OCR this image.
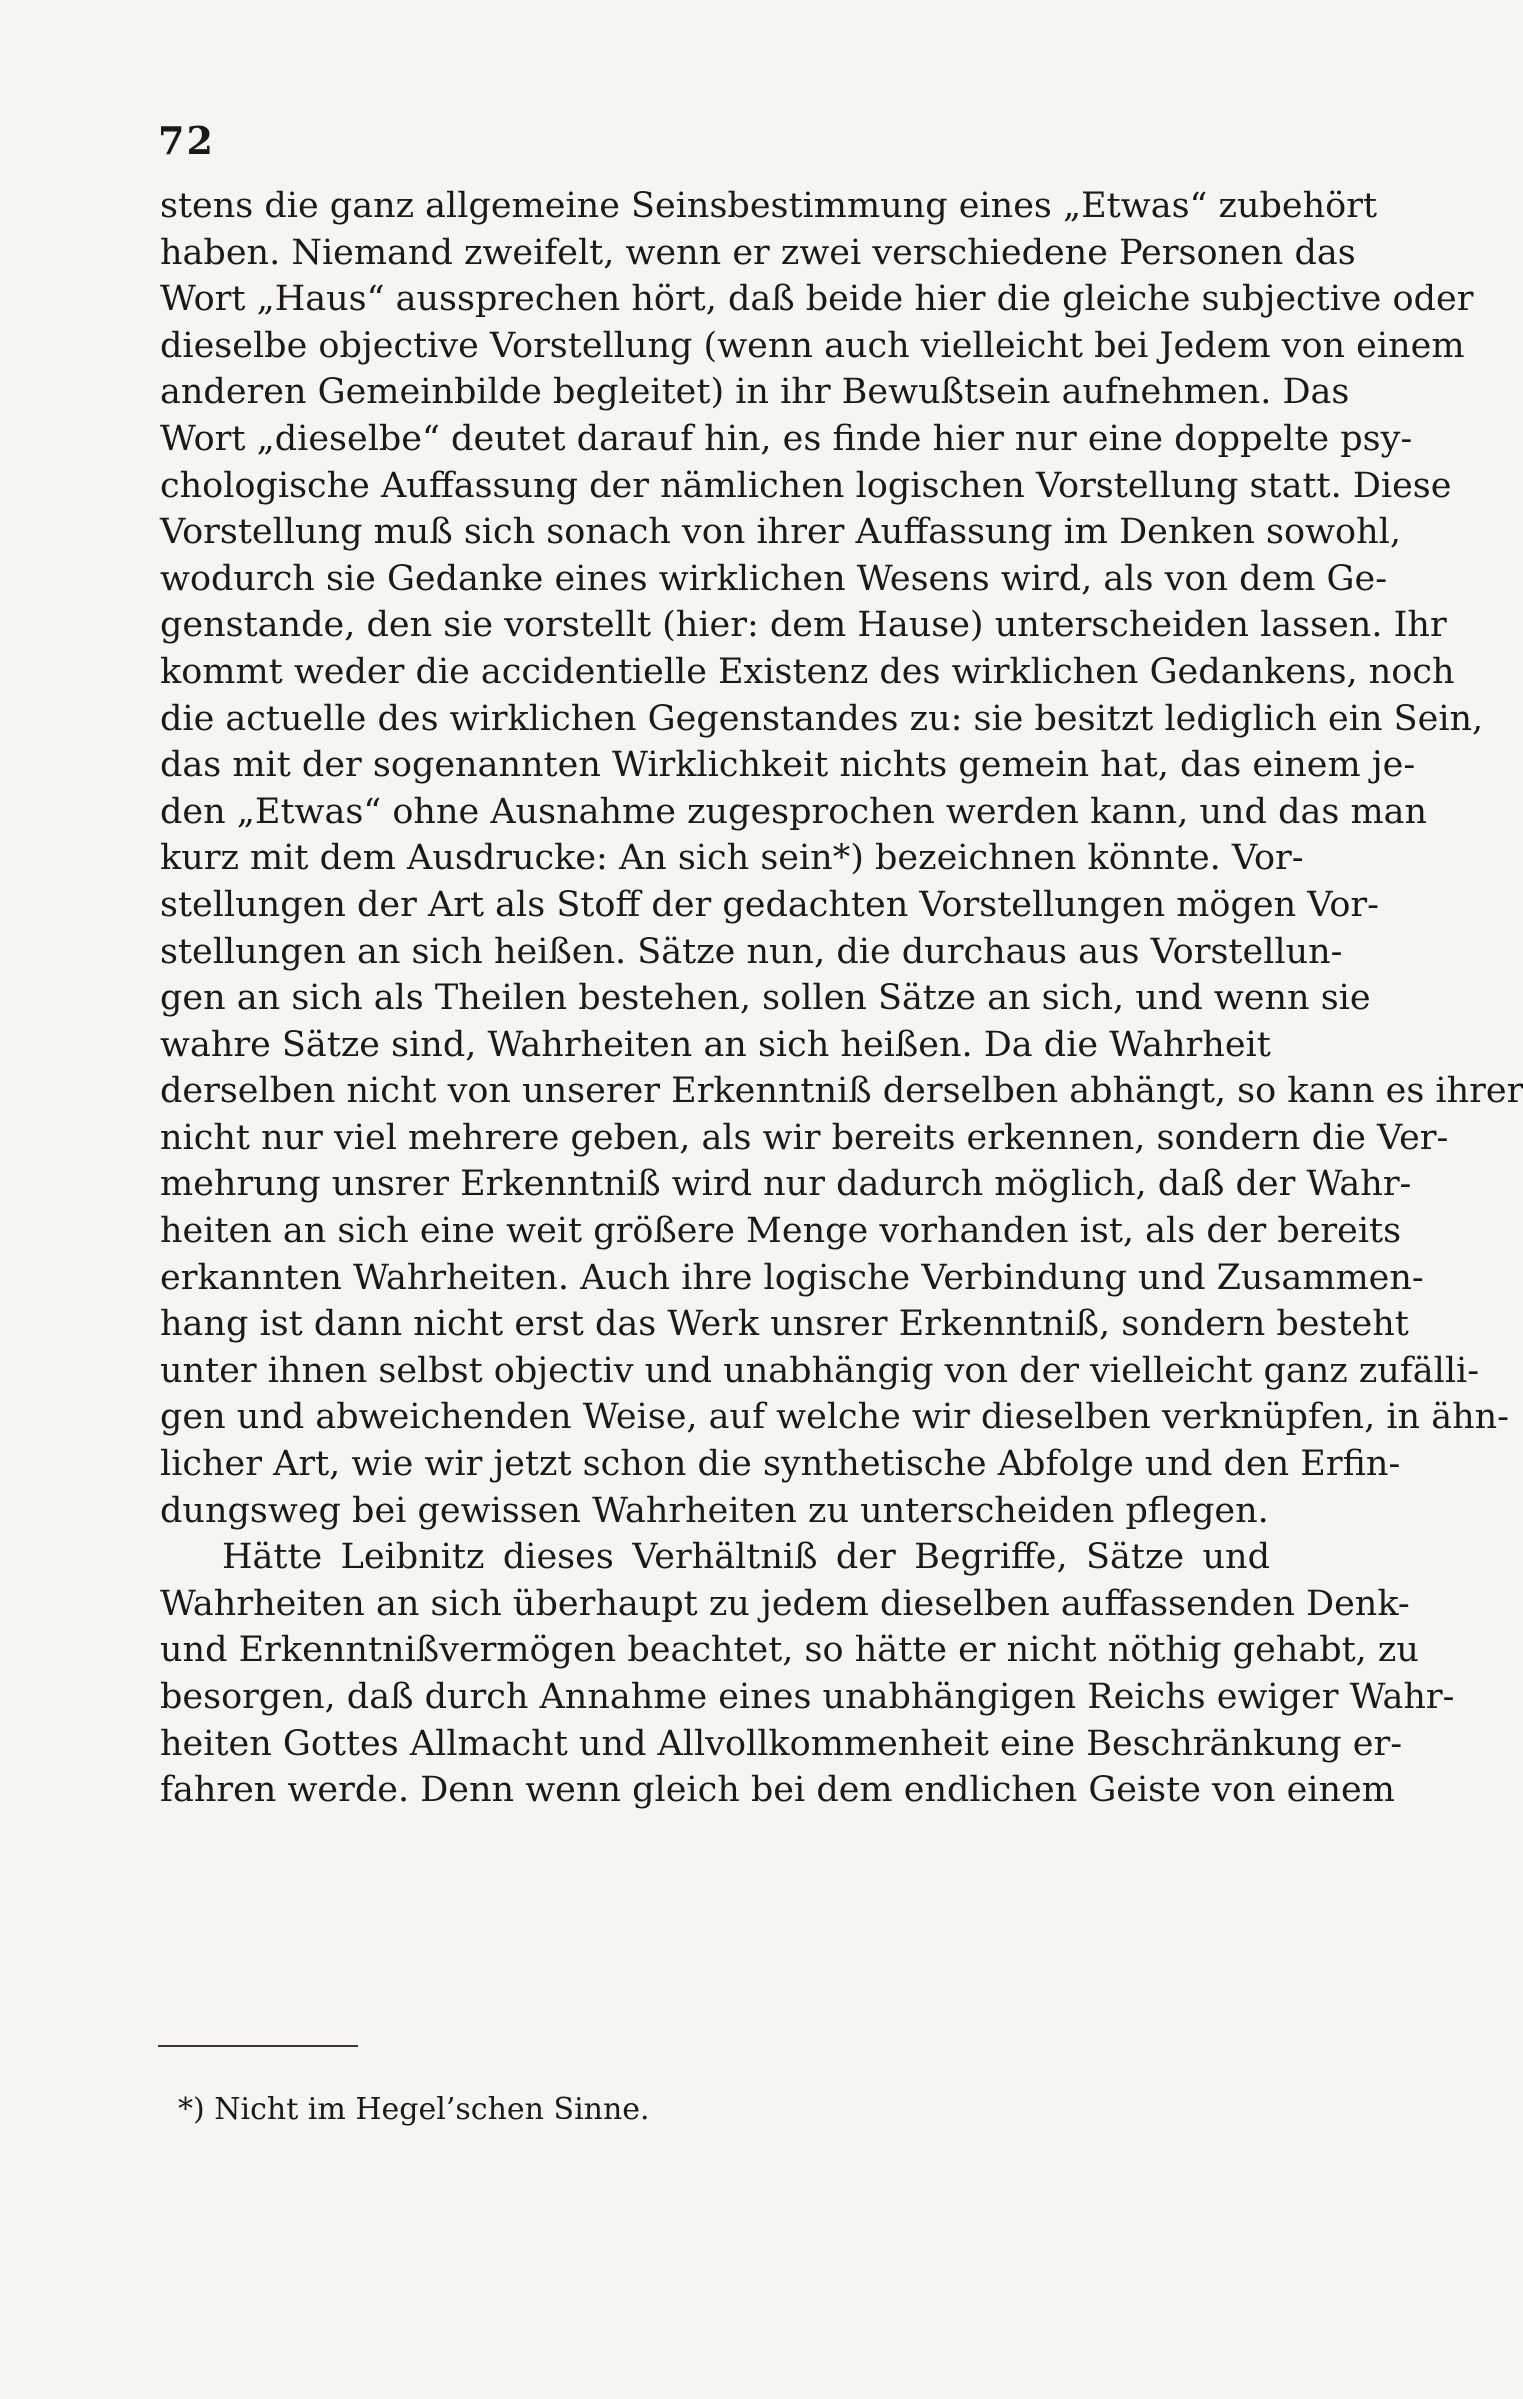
72
stens die ganz allgemeine Seinsbestimmung eines „Etwas“ zubehört
haben. Niemand zweifelt, wenn er zwei verschiedene Personen das
Wort „Haus“ aussprechen hört, daß beide hier die gleiche subjective oder
dieselbe objective Vorstellung (wenn auch vielleicht bei Jedem von einem
anderen Gemeinbilde begleitet) in ihr Bewußtsein aufnehmen. Das
Wort „dieselbe“ deutet darauf hin, es finde hier nur eine doppelte psy-
chologische Auffassung der nämlichen logischen Vorstellung statt. Diese
Vorstellung muß sich sonach von ihrer Auffassung im Denken sowohl,
wodurch sie Gedanke eines wirklichen Wesens wird, als von dem Ge-
genstande, den sie vorstellt (hier: dem Hause) unterscheiden lassen. Ihr
kommt weder die accidentielle Existenz des wirklichen Gedankens, noch
die actuelle des wirklichen Gegenstandes zu: sie besitzt lediglich ein Sein,
das mit der sogenannten Wirklichkeit nichts gemein hat, das einem je-
den „Etwas“ ohne Ausnahme zugesprochen werden kann, und das man
kurz mit dem Ausdrucke: An sich sein*) bezeichnen könnte. Vor-
stellungen der Art als Stoff der gedachten Vorstellungen mögen Vor-
stellungen an sich heißen. Sätze nun, die durchaus aus Vorstellun-
gen an sich als Theilen bestehen, sollen Sätze an sich, und wenn sie
wahre Sätze sind, Wahrheiten an sich heißen. Da die Wahrheit
derselben nicht von unserer Erkenntniß derselben abhängt, so kann es ihrer
nicht nur viel mehrere geben, als wir bereits erkennen, sondern die Ver-
mehrung unsrer Erkenntniß wird nur dadurch möglich, daß der Wahr-
heiten an sich eine weit größere Menge vorhanden ist, als der bereits
erkannten Wahrheiten. Auch ihre logische Verbindung und Zusammen-
hang ist dann nicht erst das Werk unsrer Erkenntniß, sondern besteht
unter ihnen selbst objectiv und unabhängig von der vielleicht ganz zufälli-
gen und abweichenden Weise, auf welche wir dieselben verknüpfen, in ähn-
licher Art, wie wir jetzt schon die synthetische Abfolge und den Erfin-
dungsweg bei gewissen Wahrheiten zu unterscheiden pflegen.
Hätte Leibnitz dieses Verhältniß der Begriffe, Sätze und
Wahrheiten an sich überhaupt zu jedem dieselben auffassenden Denk-
und Erkenntnißvermögen beachtet, so hätte er nicht nöthig gehabt, zu
besorgen, daß durch Annahme eines unabhängigen Reichs ewiger Wahr-
heiten Gottes Allmacht und Allvollkommenheit eine Beschränkung er-
fahren werde. Denn wenn gleich bei dem endlichen Geiste von einem
*) Nicht im Hegel’schen Sinne.
